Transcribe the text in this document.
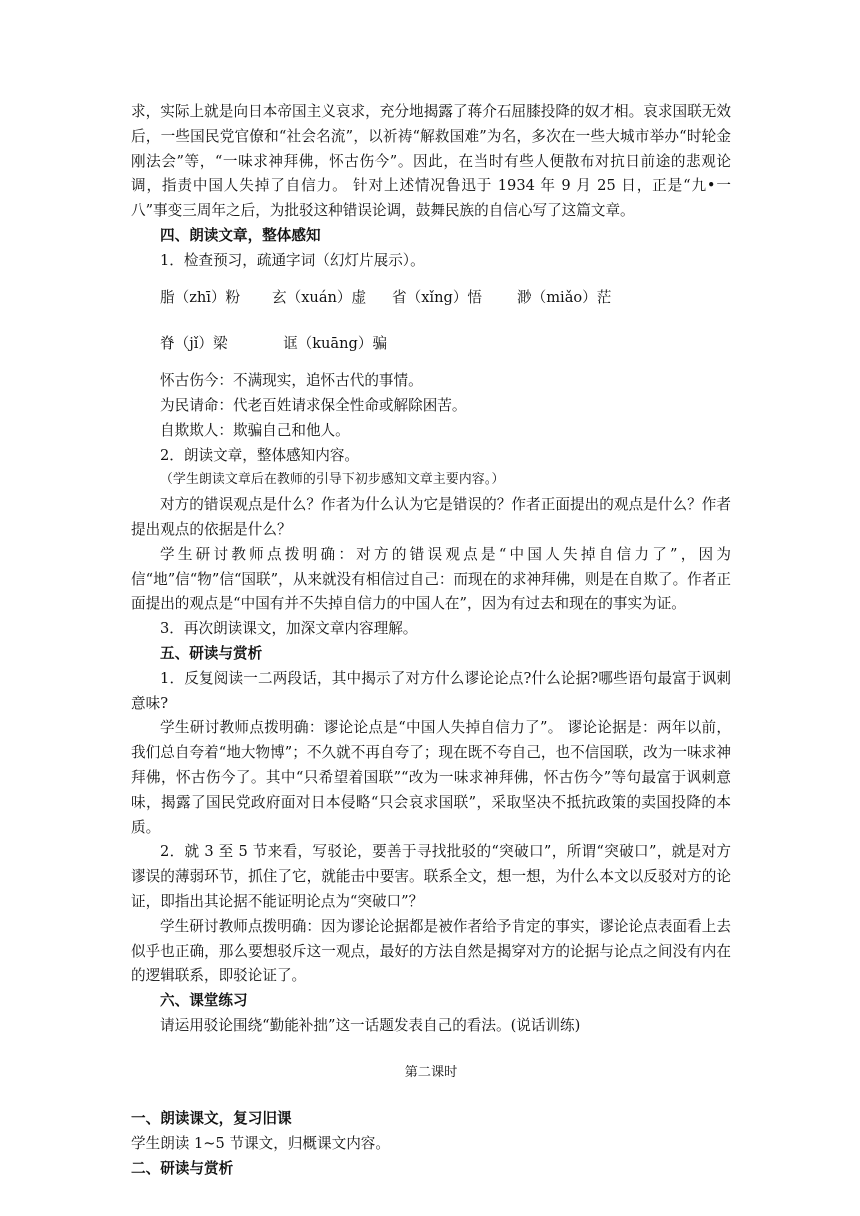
求，实际上就是向日本帝国主义哀求，充分地揭露了蒋介石屈膝投降的奴才相。哀求国联无效后，一些国民党官僚和“社会名流”，以祈祷“解救国难”为名，多次在一些大城市举办“时轮金刚法会”等，“一味求神拜佛，怀古伤今”。因此，在当时有些人便散布对抗日前途的悲观论调，指责中国人失掉了自信力。 针对上述情况鲁迅于 1934 年 9 月 25 日，正是“九•一八”事变三周年之后，为批驳这种错误论调，鼓舞民族的自信心写了这篇文章。

四、朗读文章，整体感知

1．检查预习，疏通字词（幻灯片展示）。

脂（zhī）粉 玄（xuán）虚 省（xǐng）悟 渺（miǎo）茫
脊（jǐ）梁	诓（kuāng）骗

怀古伤今：不满现实，追怀古代的事情。

为民请命：代老百姓请求保全性命或解除困苦。

自欺欺人：欺骗自己和他人。

2．朗读文章，整体感知内容。

（学生朗读文章后在教师的引导下初步感知文章主要内容。）

对方的错误观点是什么？作者为什么认为它是错误的？作者正面提出的观点是什么？作者提出观点的依据是什么？

学生研讨教师点拨明确：对方的错误观点是“中国人失掉自信力了”，因为信“地”信“物”信“国联”，从来就没有相信过自己：而现在的求神拜佛，则是在自欺了。作者正面提出的观点是“中国有并不失掉自信力的中国人在”，因为有过去和现在的事实为证。

3．再次朗读课文，加深文章内容理解。

五、研读与赏析

1．反复阅读一二两段话，其中揭示了对方什么谬论论点?什么论据?哪些语句最富于讽刺意味?

学生研讨教师点拨明确：谬论论点是“中国人失掉自信力了”。 谬论论据是：两年以前，我们总自夸着“地大物博”；不久就不再自夸了；现在既不夸自己，也不信国联，改为一味求神拜佛，怀古伤今了。其中“只希望着国联”“改为一味求神拜佛，怀古伤今”等句最富于讽刺意味，揭露了国民党政府面对日本侵略“只会哀求国联”，采取坚决不抵抗政策的卖国投降的本质。

2．就 3 至 5 节来看，写驳论，要善于寻找批驳的“突破口”，所谓“突破口”，就是对方谬误的薄弱环节，抓住了它，就能击中要害。联系全文，想一想，为什么本文以反驳对方的论证，即指出其论据不能证明论点为“突破口”？

学生研讨教师点拨明确：因为谬论论据都是被作者给予肯定的事实，谬论论点表面看上去似乎也正确，那么要想驳斥这一观点，最好的方法自然是揭穿对方的论据与论点之间没有内在的逻辑联系，即驳论证了。

六、课堂练习

请运用驳论围绕“勤能补拙”这一话题发表自己的看法。(说话训练)

第二课时

一、朗读课文，复习旧课

学生朗读 1~5 节课文，归概课文内容。

二、研读与赏析
